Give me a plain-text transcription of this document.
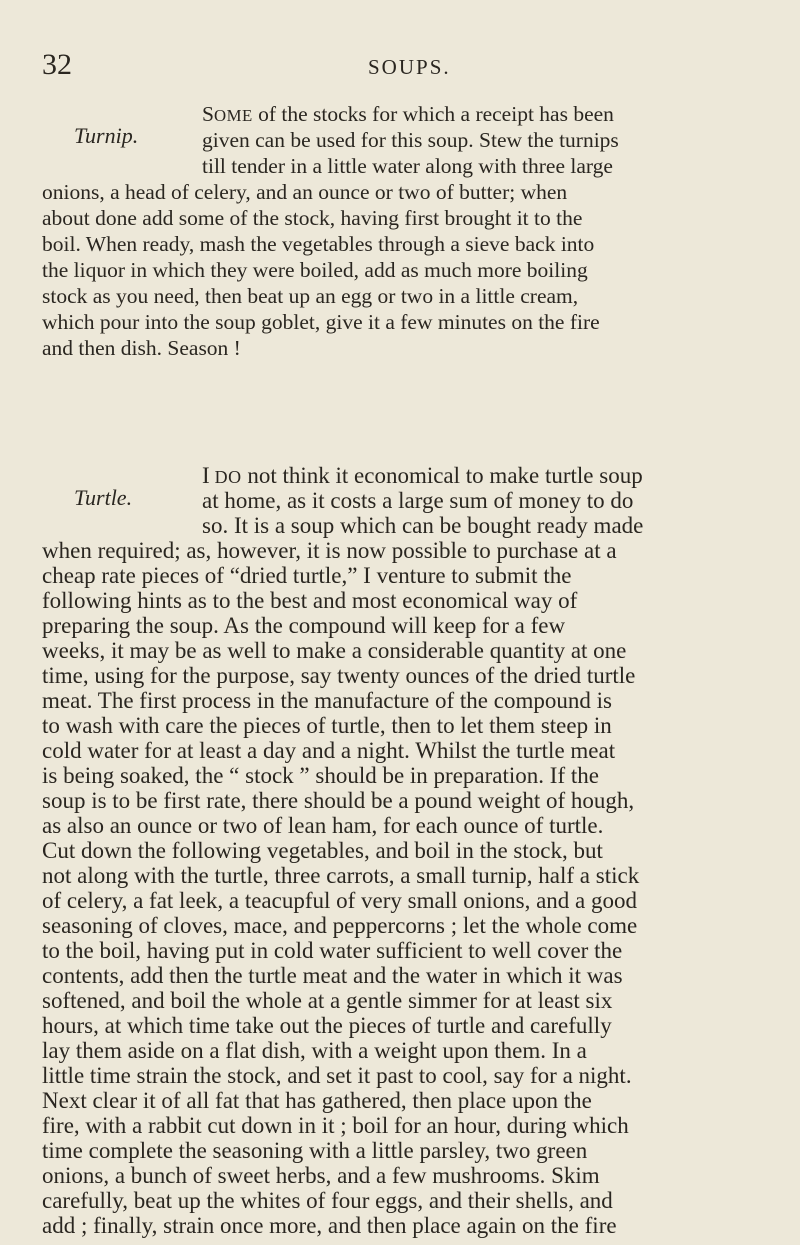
32	SOUPS.
Turnip.
Turtle.
SOME of the stocks for which a receipt has been
given can be used for this soup. Stew the turnips
till tender in a little water along with three large
onions, a head of celery, and an ounce or two of butter; when
about done add some of the stock, having first brought it to the
boil. When ready, mash the vegetables through a sieve back into
the liquor in which they were boiled, add as much more boiling
stock as you need, then beat up an egg or two in a little cream,
which pour into the soup goblet, give it a few minutes on the fire
and then dish. Season !
I DO not think it economical to make turtle soup
at home, as it costs a large sum of money to do
so. It is a soup which can be bought ready made
when required; as, however, it is now possible to purchase at a
cheap rate pieces of “dried turtle,” I venture to submit the
following hints as to the best and most economical way of
preparing the soup. As the compound will keep for a few
weeks, it may be as well to make a considerable quantity at one
time, using for the purpose, say twenty ounces of the dried turtle
meat. The first process in the manufacture of the compound is
to wash with care the pieces of turtle, then to let them steep in
cold water for at least a day and a night. Whilst the turtle meat
is being soaked, the “ stock ” should be in preparation. If the
soup is to be first rate, there should be a pound weight of hough,
as also an ounce or two of lean ham, for each ounce of turtle.
Cut down the following vegetables, and boil in the stock, but
not along with the turtle, three carrots, a small turnip, half a stick
of celery, a fat leek, a teacupful of very small onions, and a good
seasoning of cloves, mace, and peppercorns ; let the whole come
to the boil, having put in cold water sufficient to well cover the
contents, add then the turtle meat and the water in which it was
softened, and boil the whole at a gentle simmer for at least six
hours, at which time take out the pieces of turtle and carefully
lay them aside on a flat dish, with a weight upon them. In a
little time strain the stock, and set it past to cool, say for a night.
Next clear it of all fat that has gathered, then place upon the
fire, with a rabbit cut down in it ; boil for an hour, during which
time complete the seasoning with a little parsley, two green
onions, a bunch of sweet herbs, and a few mushrooms. Skim
carefully, beat up the whites of four eggs, and their shells, and
add ; finally, strain once more, and then place again on the fire
